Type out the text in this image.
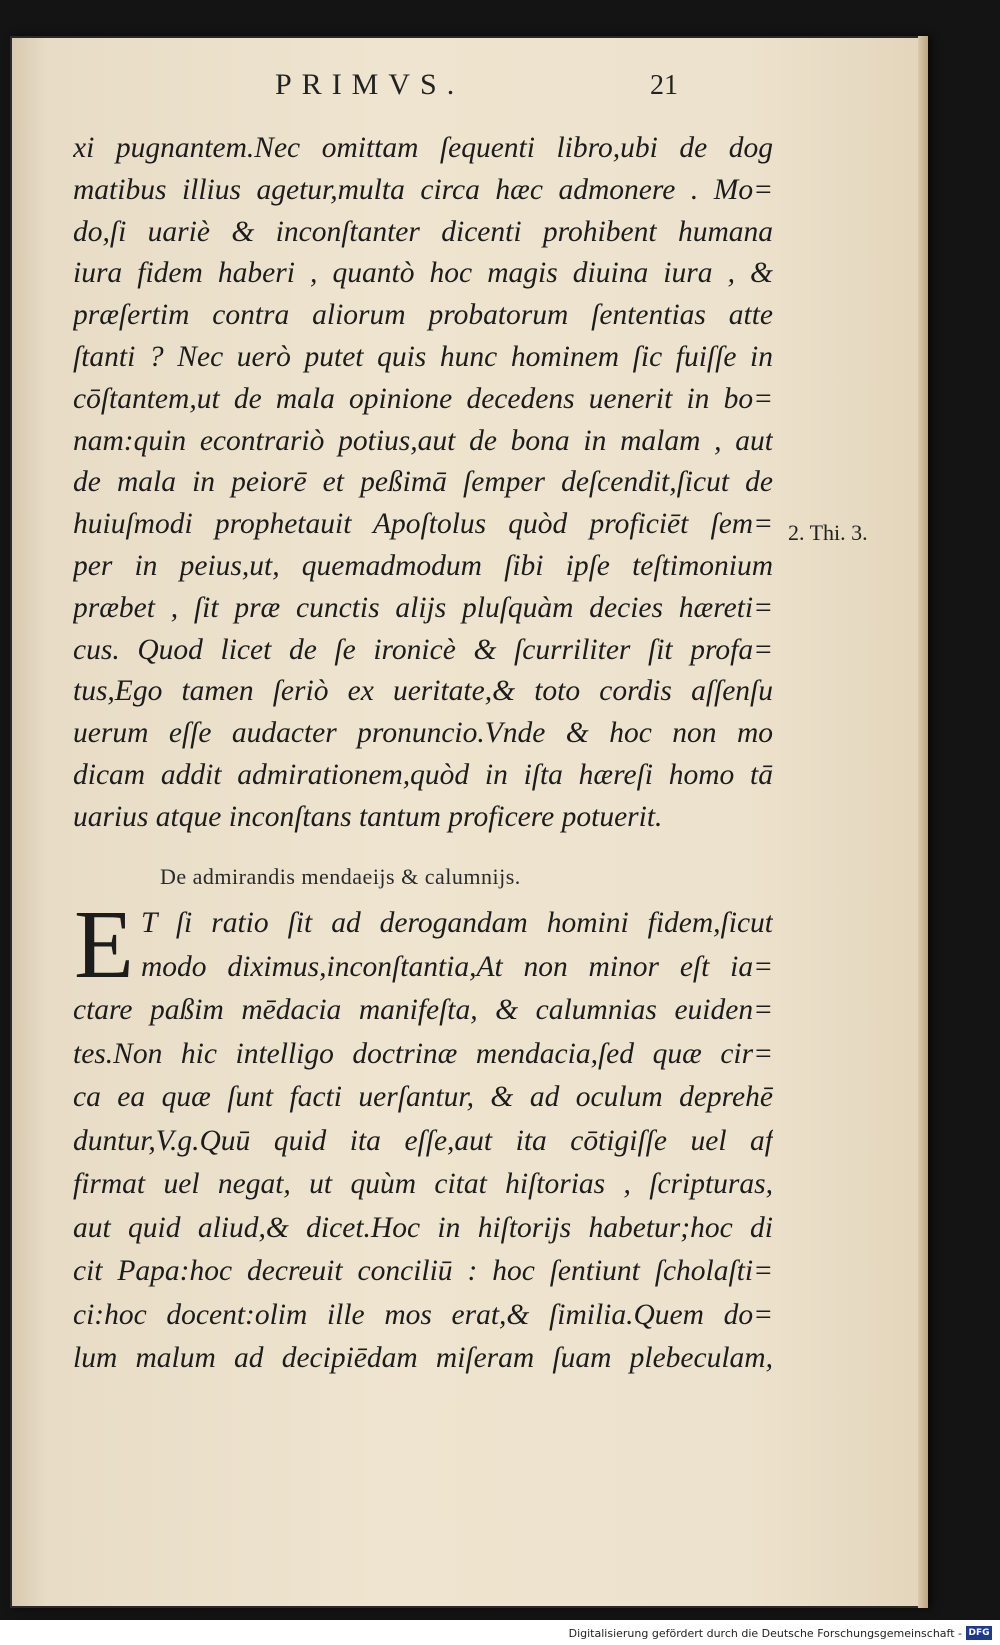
PRIMVS.	21
xi pugnantem.Nec omittam ſequenti libro,ubi de dog
matibus illius agetur,multa circa hæc admonere . Mo=
do,ſi uariè & inconſtanter dicenti prohibent humana
iura fidem haberi , quantò hoc magis diuina iura , &
præſertim contra aliorum probatorum ſententias atte
ſtanti ? Nec uerò putet quis hunc hominem ſic fuiſſe in
cōſtantem,ut de mala opinione decedens uenerit in bo=
nam:quin econtrariò potius,aut de bona in malam , aut
de mala in peiorē et peßimā ſemper deſcendit,ſicut de
huiuſmodi prophetauit Apoſtolus quòd proficiēt ſem=
per in peius,ut, quemadmodum ſibi ipſe teſtimonium
præbet , ſit præ cunctis alijs pluſquàm decies hæreti=
cus. Quod licet de ſe ironicè & ſcurriliter ſit profa=
tus,Ego tamen ſeriò ex ueritate,& toto cordis aſſenſu
uerum eſſe audacter pronuncio.Vnde & hoc non mo
dicam addit admirationem,quòd in iſta hæreſi homo tā
uarius atque inconſtans tantum proficere potuerit.
2. Thi. 3.
De admirandis mendaeijs & calumnijs.
E T ſi ratio ſit ad derogandam homini fidem,ſicut
modo diximus,inconſtantia,At non minor eſt ia=
ctare paßim mēdacia manifeſta, & calumnias euiden=
tes.Non hic intelligo doctrinæ mendacia,ſed quæ cir=
ca ea quæ ſunt facti uerſantur, & ad oculum deprehē
duntur,V.g.Quū quid ita eſſe,aut ita cōtigiſſe uel af
firmat uel negat, ut quùm citat hiſtorias , ſcripturas,
aut quid aliud,& dicet.Hoc in hiſtorijs habetur;hoc di
cit Papa:hoc decreuit conciliū : hoc ſentiunt ſcholaſti=
ci:hoc docent:olim ille mos erat,& ſimilia.Quem do=
lum malum ad decipiēdam miſeram ſuam plebeculam,
Digitalisierung gefördert durch die Deutsche Forschungsgemeinschaft - DFG
